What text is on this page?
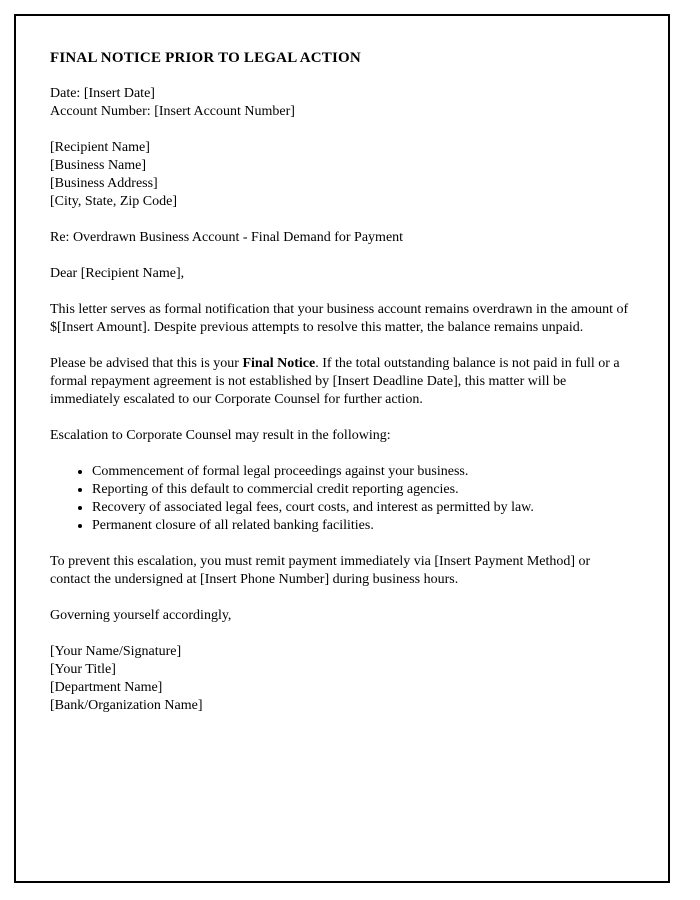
FINAL NOTICE PRIOR TO LEGAL ACTION

Date: [Insert Date]

Account Number: [Insert Account Number]

[Recipient Name]

[Business Name]

[Business Address]

[City, State, Zip Code]

Re: Overdrawn Business Account - Final Demand for Payment

Dear [Recipient Name],

This letter serves as formal notification that your business account remains overdrawn in the amount of $[Insert Amount]. Despite previous attempts to resolve this matter, the balance remains unpaid.

Please be advised that this is your Final Notice. If the total outstanding balance is not paid in full or a formal repayment agreement is not established by [Insert Deadline Date], this matter will be immediately escalated to our Corporate Counsel for further action.

Escalation to Corporate Counsel may result in the following:

• Commencement of formal legal proceedings against your business.
• Reporting of this default to commercial credit reporting agencies.
• Recovery of associated legal fees, court costs, and interest as permitted by law.
• Permanent closure of all related banking facilities.

To prevent this escalation, you must remit payment immediately via [Insert Payment Method] or contact the undersigned at [Insert Phone Number] during business hours.

Governing yourself accordingly,

[Your Name/Signature]

[Your Title]

[Department Name]

[Bank/Organization Name]
